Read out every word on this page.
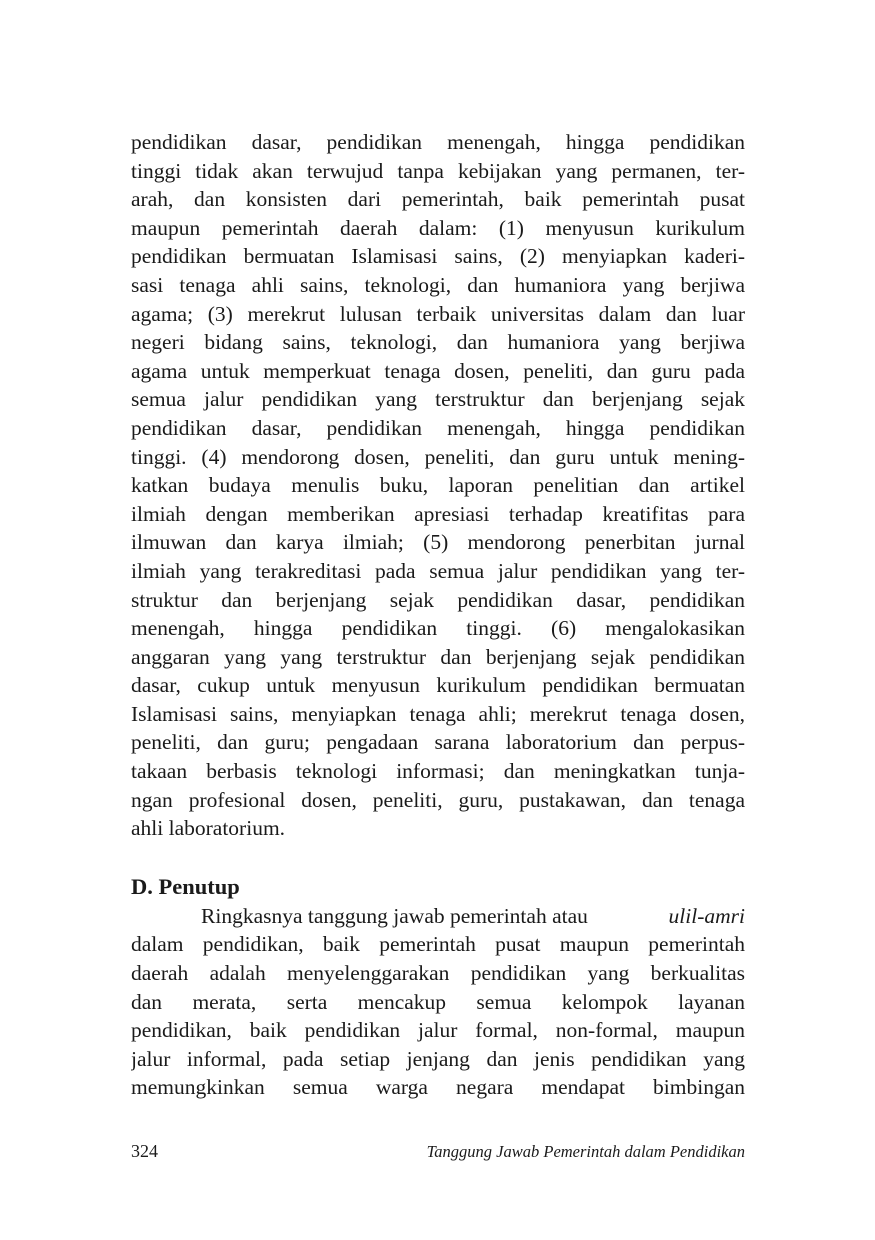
pendidikan dasar, pendidikan menengah, hingga pendidikan
tinggi tidak akan terwujud tanpa kebijakan yang permanen, ter-
arah, dan konsisten dari pemerintah, baik pemerintah pusat
maupun pemerintah daerah dalam: (1) menyusun kurikulum
pendidikan bermuatan Islamisasi sains, (2) menyiapkan kaderi-
sasi tenaga ahli sains, teknologi, dan humaniora yang berjiwa
agama; (3) merekrut lulusan terbaik universitas dalam dan luar
negeri bidang sains, teknologi, dan humaniora yang berjiwa
agama untuk memperkuat tenaga dosen, peneliti, dan guru pada
semua jalur pendidikan yang terstruktur dan berjenjang sejak
pendidikan dasar, pendidikan menengah, hingga pendidikan
tinggi. (4) mendorong dosen, peneliti, dan guru untuk mening-
katkan budaya menulis buku, laporan penelitian dan artikel
ilmiah dengan memberikan apresiasi terhadap kreatifitas para
ilmuwan dan karya ilmiah; (5) mendorong penerbitan jurnal
ilmiah yang terakreditasi pada semua jalur pendidikan yang ter-
struktur dan berjenjang sejak pendidikan dasar, pendidikan
menengah, hingga pendidikan tinggi. (6) mengalokasikan
anggaran yang yang terstruktur dan berjenjang sejak pendidikan
dasar, cukup untuk menyusun kurikulum pendidikan bermuatan
Islamisasi sains, menyiapkan tenaga ahli; merekrut tenaga dosen,
peneliti, dan guru; pengadaan sarana laboratorium dan perpus-
takaan berbasis teknologi informasi; dan meningkatkan tunja-
ngan profesional dosen, peneliti, guru, pustakawan, dan tenaga
ahli laboratorium.
D. Penutup
Ringkasnya tanggung jawab pemerintah atau	ulil-amri
dalam pendidikan, baik pemerintah pusat maupun pemerintah
daerah adalah menyelenggarakan pendidikan yang berkualitas
dan merata, serta mencakup semua kelompok layanan
pendidikan, baik pendidikan jalur formal, non-formal, maupun
jalur informal, pada setiap jenjang dan jenis pendidikan yang
memungkinkan semua warga negara mendapat bimbingan
324	Tanggung Jawab Pemerintah dalam Pendidikan
